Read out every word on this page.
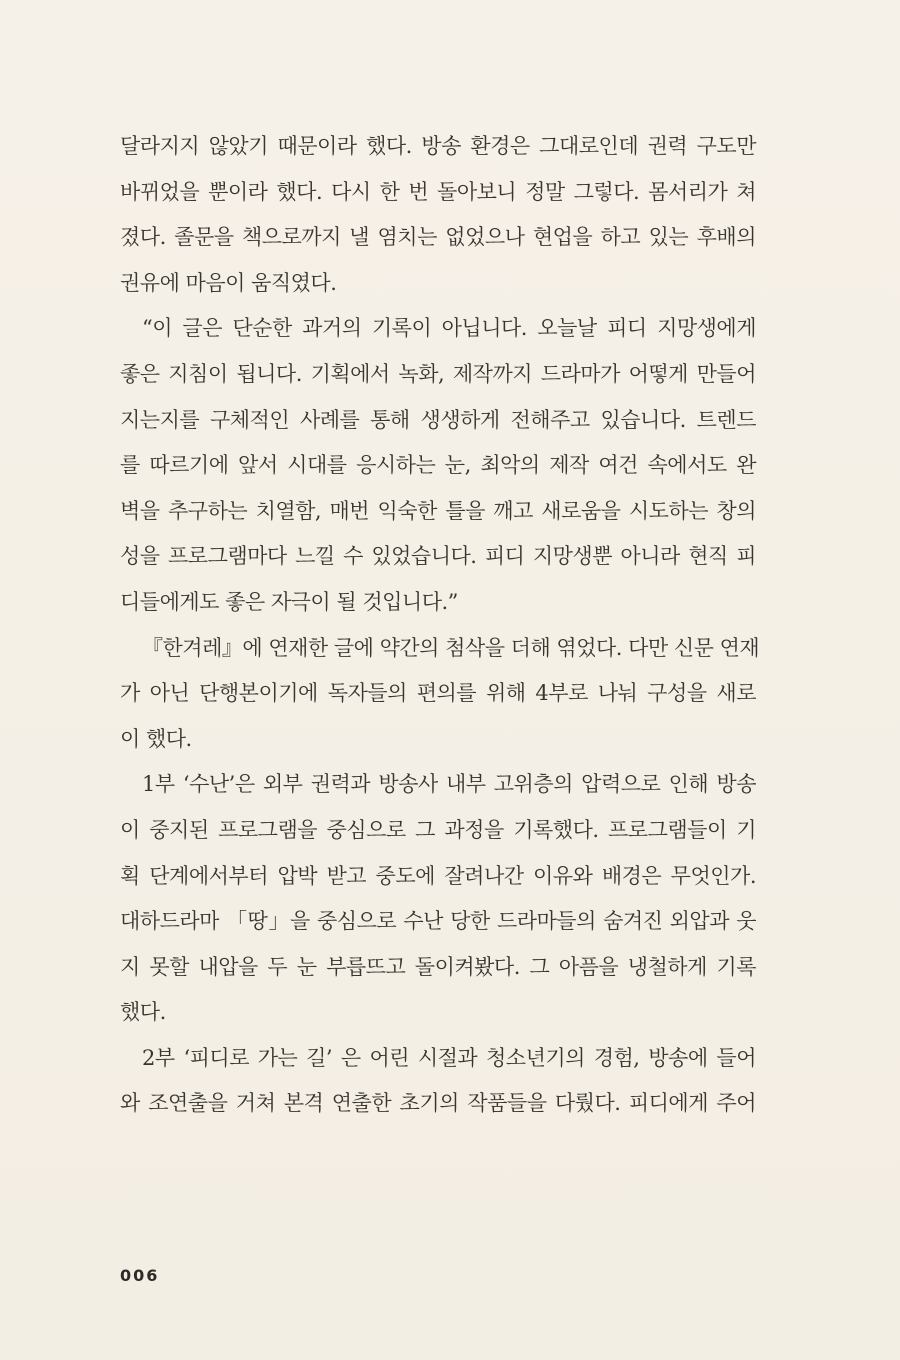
달라지지 않았기 때문이라 했다. 방송 환경은 그대로인데 권력 구도만
바뀌었을 뿐이라 했다. 다시 한 번 돌아보니 정말 그렇다. 몸서리가 쳐
졌다. 졸문을 책으로까지 낼 염치는 없었으나 현업을 하고 있는 후배의
권유에 마음이 움직였다.
“이 글은 단순한 과거의 기록이 아닙니다. 오늘날 피디 지망생에게
좋은 지침이 됩니다. 기획에서 녹화, 제작까지 드라마가 어떻게 만들어
지는지를 구체적인 사례를 통해 생생하게 전해주고 있습니다. 트렌드
를 따르기에 앞서 시대를 응시하는 눈, 최악의 제작 여건 속에서도 완
벽을 추구하는 치열함, 매번 익숙한 틀을 깨고 새로움을 시도하는 창의
성을 프로그램마다 느낄 수 있었습니다. 피디 지망생뿐 아니라 현직 피
디들에게도 좋은 자극이 될 것입니다.”
『한겨레』에 연재한 글에 약간의 첨삭을 더해 엮었다. 다만 신문 연재
가 아닌 단행본이기에 독자들의 편의를 위해 4부로 나눠 구성을 새로
이 했다.
1부 ‘수난’은 외부 권력과 방송사 내부 고위층의 압력으로 인해 방송
이 중지된 프로그램을 중심으로 그 과정을 기록했다. 프로그램들이 기
획 단계에서부터 압박 받고 중도에 잘려나간 이유와 배경은 무엇인가.
대하드라마 「땅」을 중심으로 수난 당한 드라마들의 숨겨진 외압과 웃
지 못할 내압을 두 눈 부릅뜨고 돌이켜봤다. 그 아픔을 냉철하게 기록
했다.
2부 ‘피디로 가는 길’ 은 어린 시절과 청소년기의 경험, 방송에 들어
와 조연출을 거쳐 본격 연출한 초기의 작품들을 다뤘다. 피디에게 주어
006
